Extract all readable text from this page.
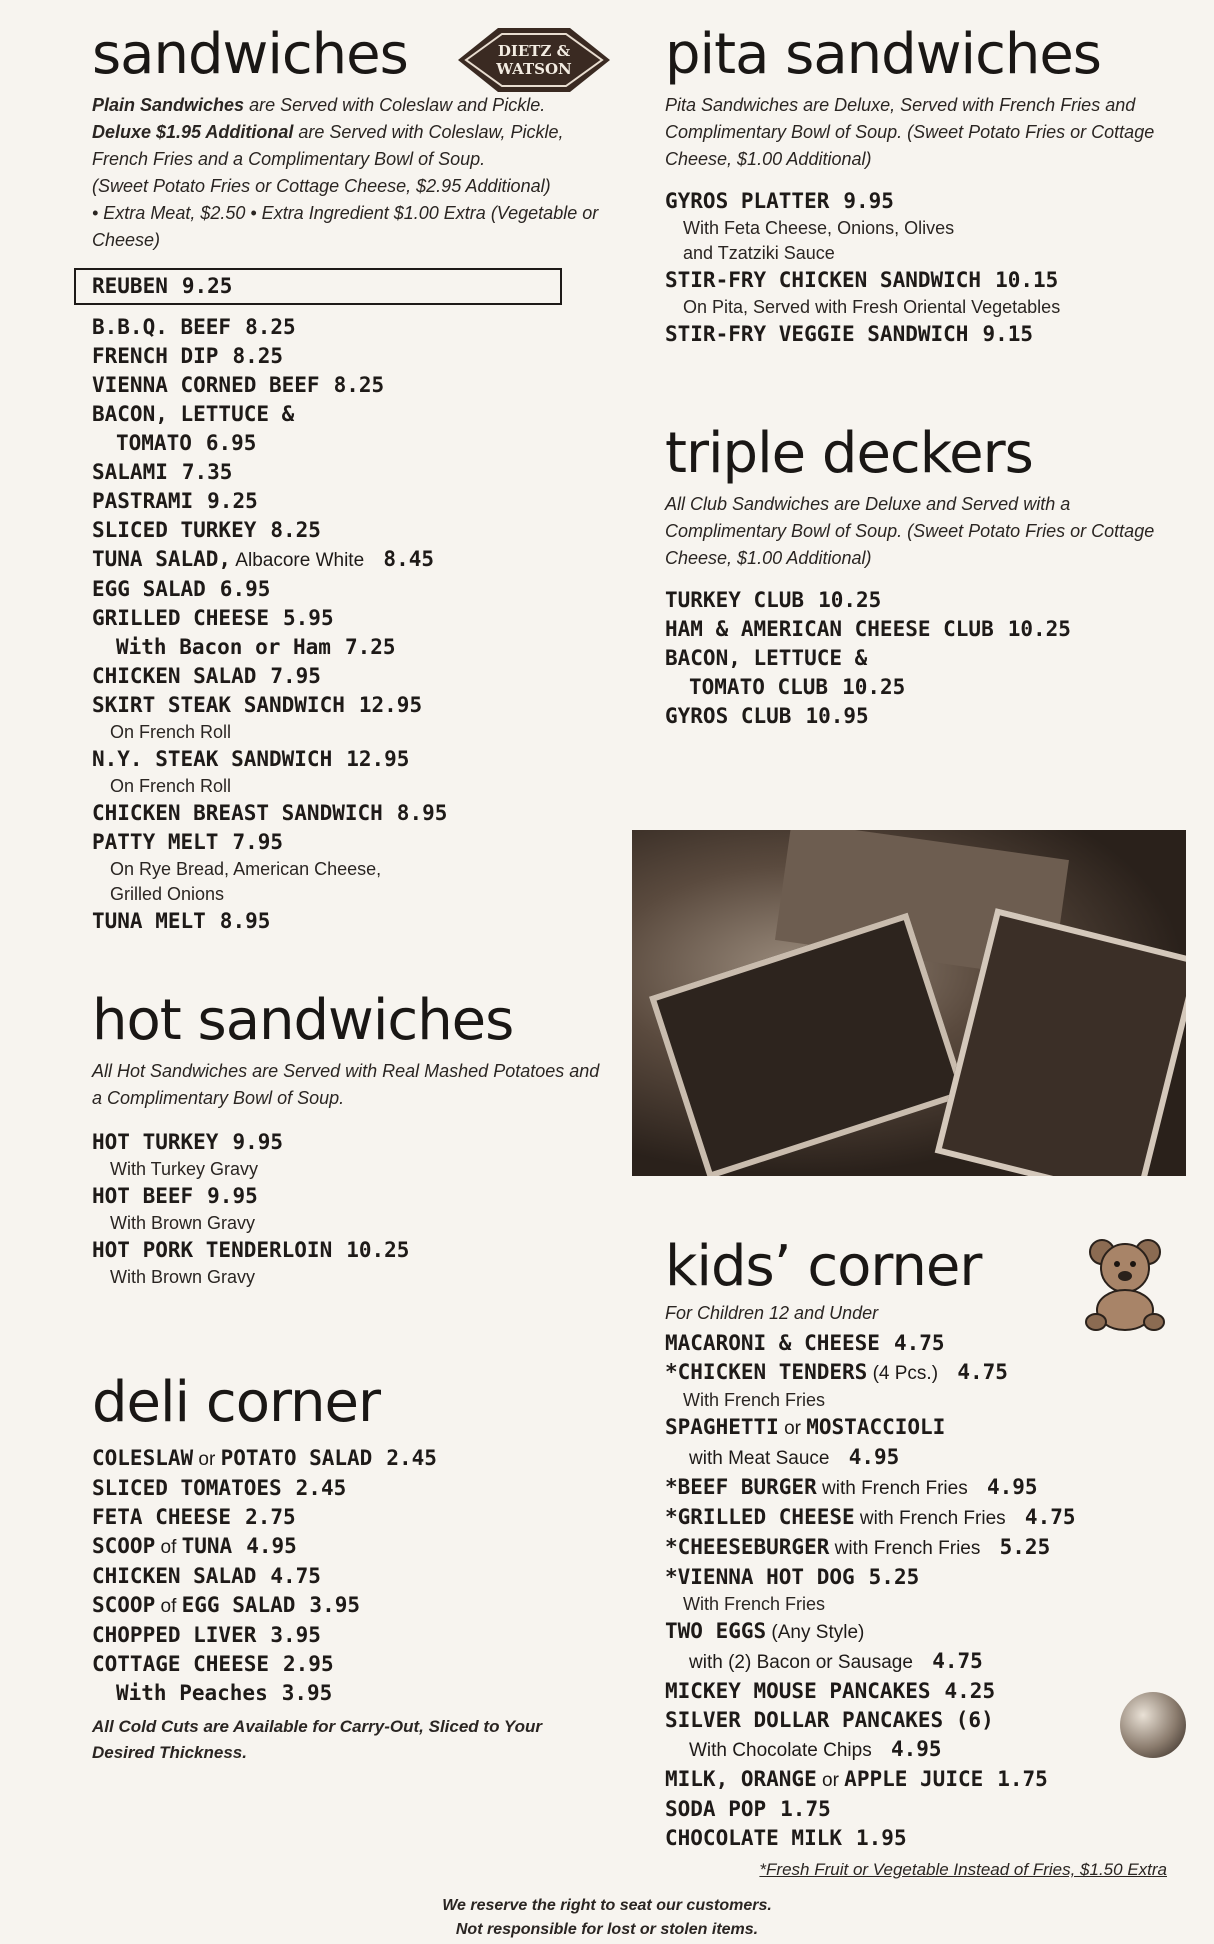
DIETZ &
WATSON
sandwiches
Plain Sandwiches are Served with Coleslaw and Pickle.
Deluxe $1.95 Additional are Served with Coleslaw, Pickle, French Fries and a Complimentary Bowl of Soup.
(Sweet Potato Fries or Cottage Cheese, $2.95 Additional)
• Extra Meat, $2.50 • Extra Ingredient $1.00 Extra (Vegetable or Cheese)
REUBEN 9.25
B.B.Q. BEEF 8.25
FRENCH DIP 8.25
VIENNA CORNED BEEF 8.25
BACON, LETTUCE &
TOMATO 6.95
SALAMI 7.35
PASTRAMI 9.25
SLICED TURKEY 8.25
TUNA SALAD, Albacore White 8.45
EGG SALAD 6.95
GRILLED CHEESE 5.95
With Bacon or Ham 7.25
CHICKEN SALAD 7.95
SKIRT STEAK SANDWICH 12.95
On French Roll
N.Y. STEAK SANDWICH 12.95
On French Roll
CHICKEN BREAST SANDWICH 8.95
PATTY MELT 7.95
On Rye Bread, American Cheese,
Grilled Onions
TUNA MELT 8.95
hot sandwiches
All Hot Sandwiches are Served with Real Mashed Potatoes and a Complimentary Bowl of Soup.
HOT TURKEY 9.95
With Turkey Gravy
HOT BEEF 9.95
With Brown Gravy
HOT PORK TENDERLOIN 10.25
With Brown Gravy
deli corner
COLESLAW or POTATO SALAD 2.45
SLICED TOMATOES 2.45
FETA CHEESE 2.75
SCOOP of TUNA 4.95
CHICKEN SALAD 4.75
SCOOP of EGG SALAD 3.95
CHOPPED LIVER 3.95
COTTAGE CHEESE 2.95
With Peaches 3.95
All Cold Cuts are Available for Carry-Out, Sliced to Your Desired Thickness.
pita sandwiches
Pita Sandwiches are Deluxe, Served with French Fries and Complimentary Bowl of Soup. (Sweet Potato Fries or Cottage Cheese, $1.00 Additional)
GYROS PLATTER 9.95
With Feta Cheese, Onions, Olives
and Tzatziki Sauce
STIR-FRY CHICKEN SANDWICH 10.15
On Pita, Served with Fresh Oriental Vegetables
STIR-FRY VEGGIE SANDWICH 9.15
triple deckers
All Club Sandwiches are Deluxe and Served with a Complimentary Bowl of Soup. (Sweet Potato Fries or Cottage Cheese, $1.00 Additional)
TURKEY CLUB 10.25
HAM & AMERICAN CHEESE CLUB 10.25
BACON, LETTUCE &
TOMATO CLUB 10.25
GYROS CLUB 10.95
kids’ corner
For Children 12 and Under
MACARONI & CHEESE 4.75
*CHICKEN TENDERS (4 Pcs.) 4.75
With French Fries
SPAGHETTI or MOSTACCIOLI
with Meat Sauce 4.95
*BEEF BURGER with French Fries 4.95
*GRILLED CHEESE with French Fries 4.75
*CHEESEBURGER with French Fries 5.25
*VIENNA HOT DOG 5.25
With French Fries
TWO EGGS (Any Style)
with (2) Bacon or Sausage 4.75
MICKEY MOUSE PANCAKES 4.25
SILVER DOLLAR PANCAKES (6)
With Chocolate Chips 4.95
MILK, ORANGE or APPLE JUICE 1.75
SODA POP 1.75
CHOCOLATE MILK 1.95
*Fresh Fruit or Vegetable Instead of Fries, $1.50 Extra
We reserve the right to seat our customers.
Not responsible for lost or stolen items.
